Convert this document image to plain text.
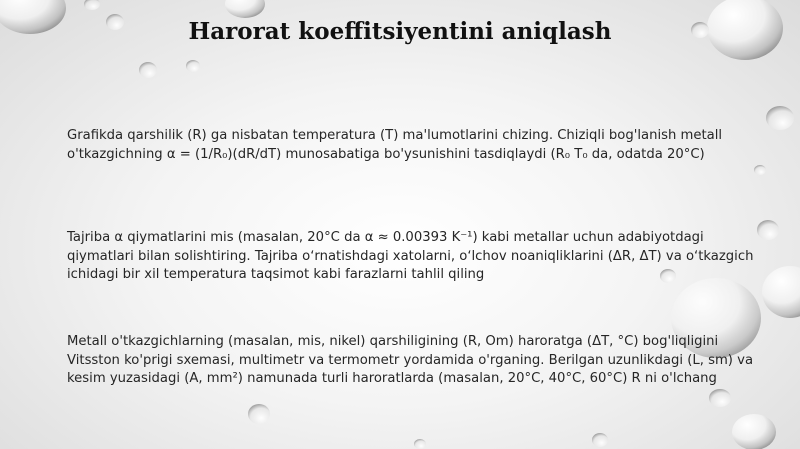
Harorat koeffitsiyentini aniqlash
Grafikda qarshilik (R) ga nisbatan temperatura (T) ma'lumotlarini chizing. Chiziqli bog'lanish metall o'tkazgichning α = (1/R₀)(dR/dT) munosabatiga bo'ysunishini tasdiqlaydi (R₀ T₀ da, odatda 20°C)
Tajriba α qiymatlarini mis (masalan, 20°C da α ≈ 0.00393 K⁻¹) kabi metallar uchun adabiyotdagi qiymatlari bilan solishtiring. Tajriba oʻrnatishdagi xatolarni, oʻlchov noaniqliklarini (ΔR, ΔT) va oʻtkazgich ichidagi bir xil temperatura taqsimot kabi farazlarni tahlil qiling
Metall o'tkazgichlarning (masalan, mis, nikel) qarshiligining (R, Om) haroratga (ΔT, °C) bog'liqligini Vitsston ko'prigi sxemasi, multimetr va termometr yordamida o'rganing. Berilgan uzunlikdagi (L, sm) va kesim yuzasidagi (A, mm²) namunada turli haroratlarda (masalan, 20°C, 40°C, 60°C) R ni o'lchang
